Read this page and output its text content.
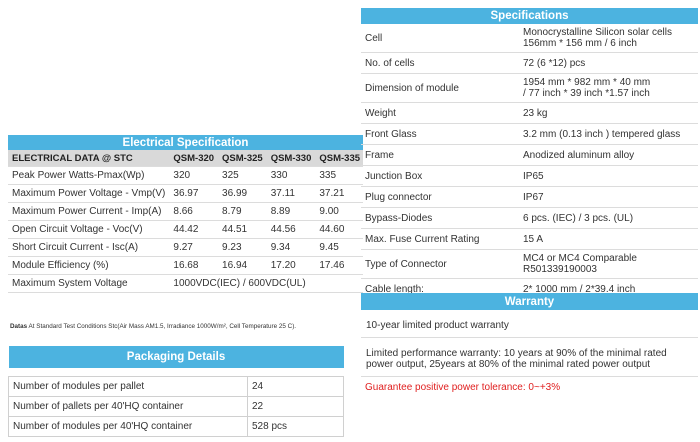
Electrical Specification				
ELECTRICAL DATA @ STC	QSM-320	QSM-325	QSM-330	QSM-335
Peak Power Watts-Pmax(Wp)	320	325	330	335
Maximum Power Voltage - Vmp(V)	36.97	36.99	37.11	37.21
Maximum Power Current - Imp(A)	8.66	8.79	8.89	9.00
Open Circuit Voltage - Voc(V)	44.42	44.51	44.56	44.60
Short Circuit Current - Isc(A)	9.27	9.23	9.34	9.45
Module Efficiency (%)	16.68	16.94	17.20	17.46
Maximum System Voltage	1000VDC(IEC) / 600VDC(UL)			
Datas At Standard Test Conditions Stc(Air Mass AM1.5, Irradiance 1000W/m², Cell Temperature 25 C).
Packaging Details	

Number of modules per pallet	24
Number of pallets per 40'HQ container	22
Number of modules per 40'HQ container	528 pcs
Specifications	
Cell	Monocrystalline Silicon solar cells
156mm * 156 mm / 6 inch
No. of cells	72 (6 *12) pcs
Dimension of module	1954 mm * 982 mm * 40 mm
/ 77 inch * 39 inch *1.57 inch
Weight	23 kg
Front Glass	3.2 mm (0.13 inch ) tempered glass
Frame	Anodized aluminum alloy
Junction Box	IP65
Plug connector	IP67
Bypass-Diodes	6 pcs. (IEC) / 3 pcs. (UL)
Max. Fuse Current Rating	15 A
Type of Connector	MC4 or MC4 Comparable
R501339190003
Cable length:	2* 1000 mm / 2*39.4 inch
Warranty

10-year limited product warranty

Limited performance warranty: 10 years at 90% of the minimal rated power output, 25years at 80% of the minimal rated power output
Guarantee positive power tolerance: 0~+3%
